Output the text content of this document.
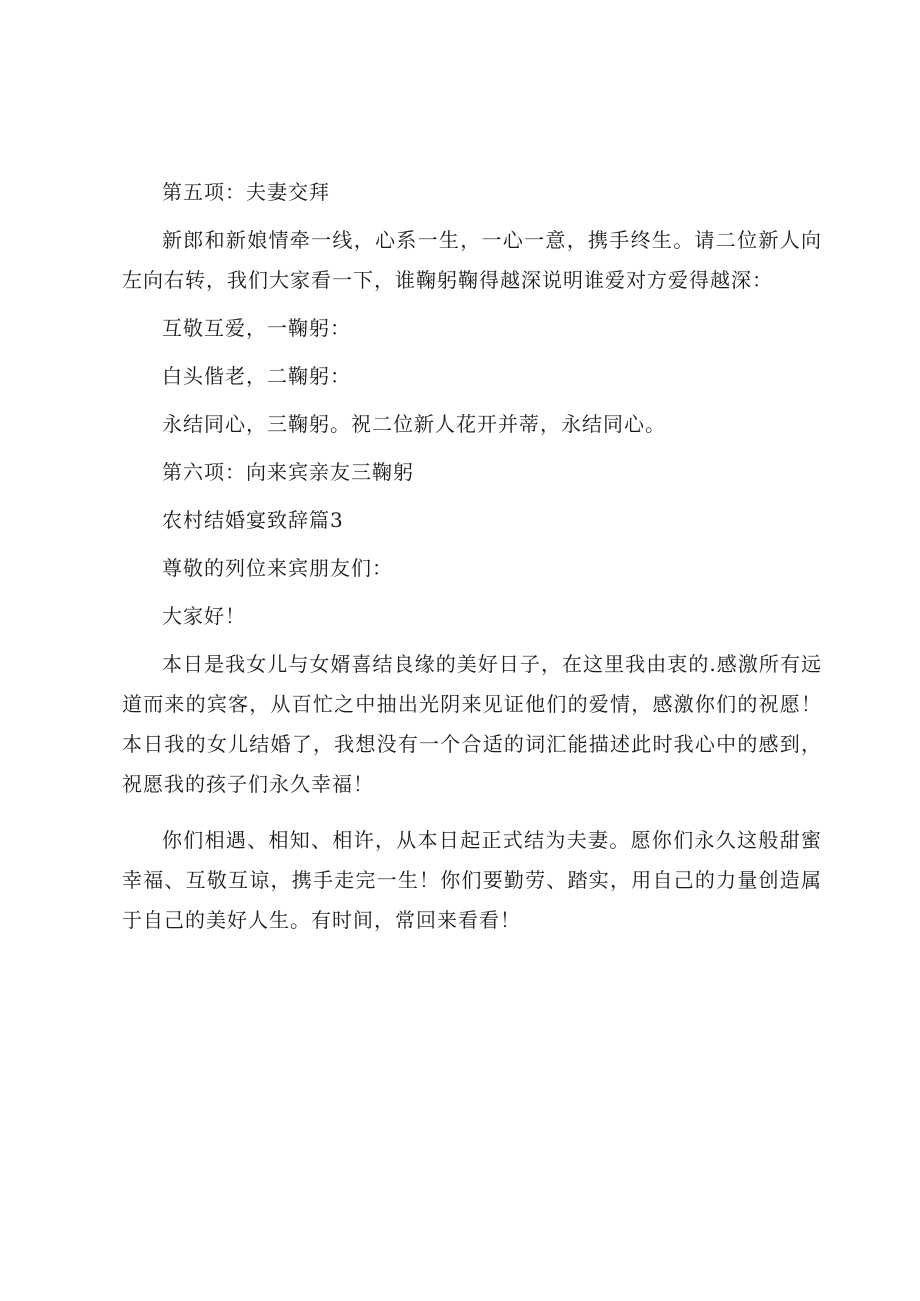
第五项：夫妻交拜

新郎和新娘情牵一线，心系一生，一心一意，携手终生。请二位新人向左向右转，我们大家看一下，谁鞠躬鞠得越深说明谁爱对方爱得越深：

互敬互爱，一鞠躬：

白头偕老，二鞠躬：

永结同心，三鞠躬。祝二位新人花开并蒂，永结同心。

第六项：向来宾亲友三鞠躬

农村结婚宴致辞篇3

尊敬的列位来宾朋友们：

大家好！

本日是我女儿与女婿喜结良缘的美好日子，在这里我由衷的.感激所有远道而来的宾客，从百忙之中抽出光阴来见证他们的爱情，感激你们的祝愿！本日我的女儿结婚了，我想没有一个合适的词汇能描述此时我心中的感到，祝愿我的孩子们永久幸福！

你们相遇、相知、相许，从本日起正式结为夫妻。愿你们永久这般甜蜜幸福、互敬互谅，携手走完一生！你们要勤劳、踏实，用自己的力量创造属于自己的美好人生。有时间，常回来看看！
